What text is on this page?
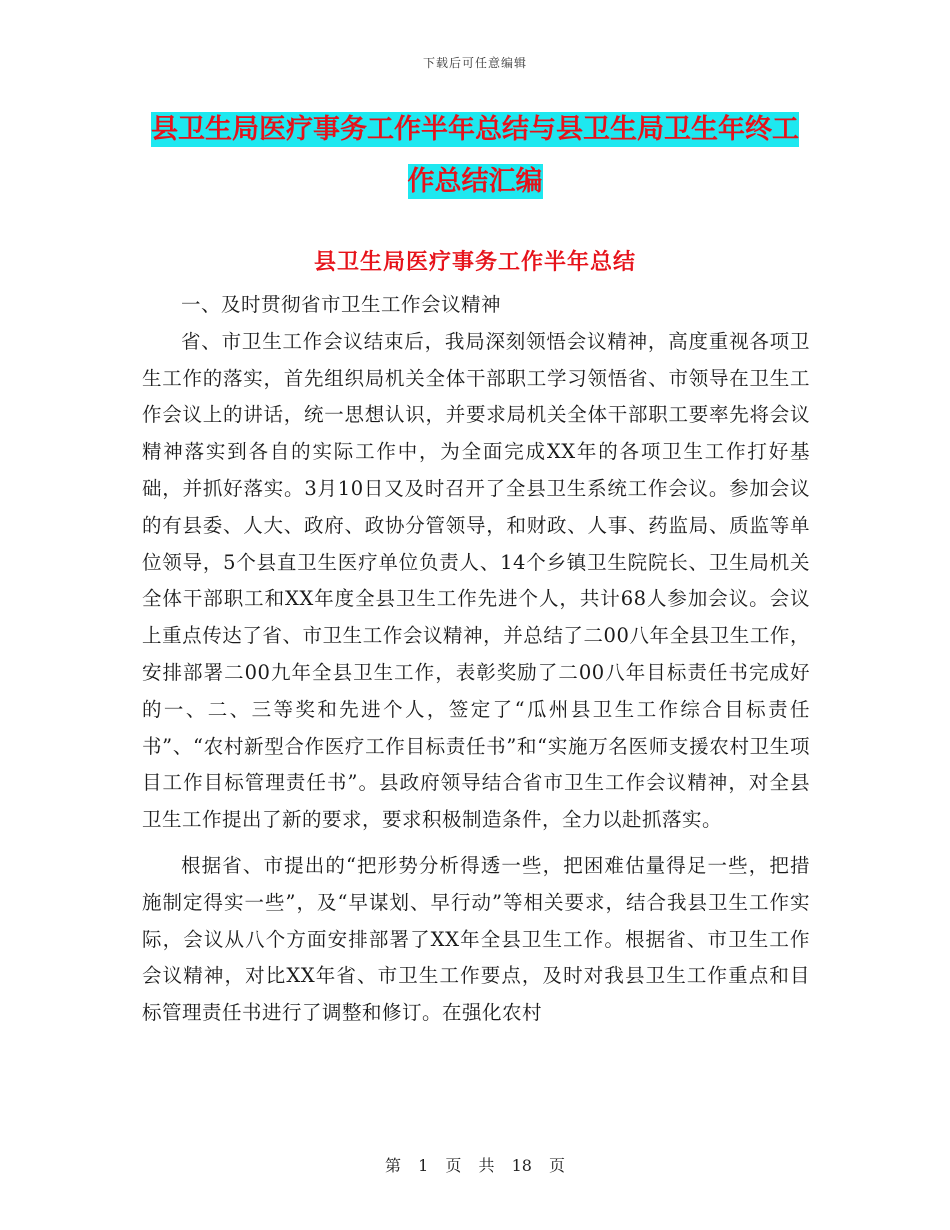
下载后可任意编辑
县卫生局医疗事务工作半年总结与县卫生局卫生年终工作总结汇编
县卫生局医疗事务工作半年总结

一、及时贯彻省市卫生工作会议精神

省、市卫生工作会议结束后，我局深刻领悟会议精神，高度重视各项卫生工作的落实，首先组织局机关全体干部职工学习领悟省、市领导在卫生工作会议上的讲话，统一思想认识，并要求局机关全体干部职工要率先将会议精神落实到各自的实际工作中，为全面完成XX年的各项卫生工作打好基础，并抓好落实。3月10日又及时召开了全县卫生系统工作会议。参加会议的有县委、人大、政府、政协分管领导，和财政、人事、药监局、质监等单位领导，5个县直卫生医疗单位负责人、14个乡镇卫生院院长、卫生局机关全体干部职工和XX年度全县卫生工作先进个人，共计68人参加会议。会议上重点传达了省、市卫生工作会议精神，并总结了二00八年全县卫生工作，安排部署二00九年全县卫生工作，表彰奖励了二00八年目标责任书完成好的一、二、三等奖和先进个人，签定了“瓜州县卫生工作综合目标责任书”、“农村新型合作医疗工作目标责任书”和“实施万名医师支援农村卫生项目工作目标管理责任书”。县政府领导结合省市卫生工作会议精神，对全县卫生工作提出了新的要求，要求积极制造条件，全力以赴抓落实。

根据省、市提出的“把形势分析得透一些，把困难估量得足一些，把措施制定得实一些”，及“早谋划、早行动”等相关要求，结合我县卫生工作实际，会议从八个方面安排部署了XX年全县卫生工作。根据省、市卫生工作会议精神，对比XX年省、市卫生工作要点，及时对我县卫生工作重点和目标管理责任书进行了调整和修订。在强化农村

第 1 页 共 18 页
